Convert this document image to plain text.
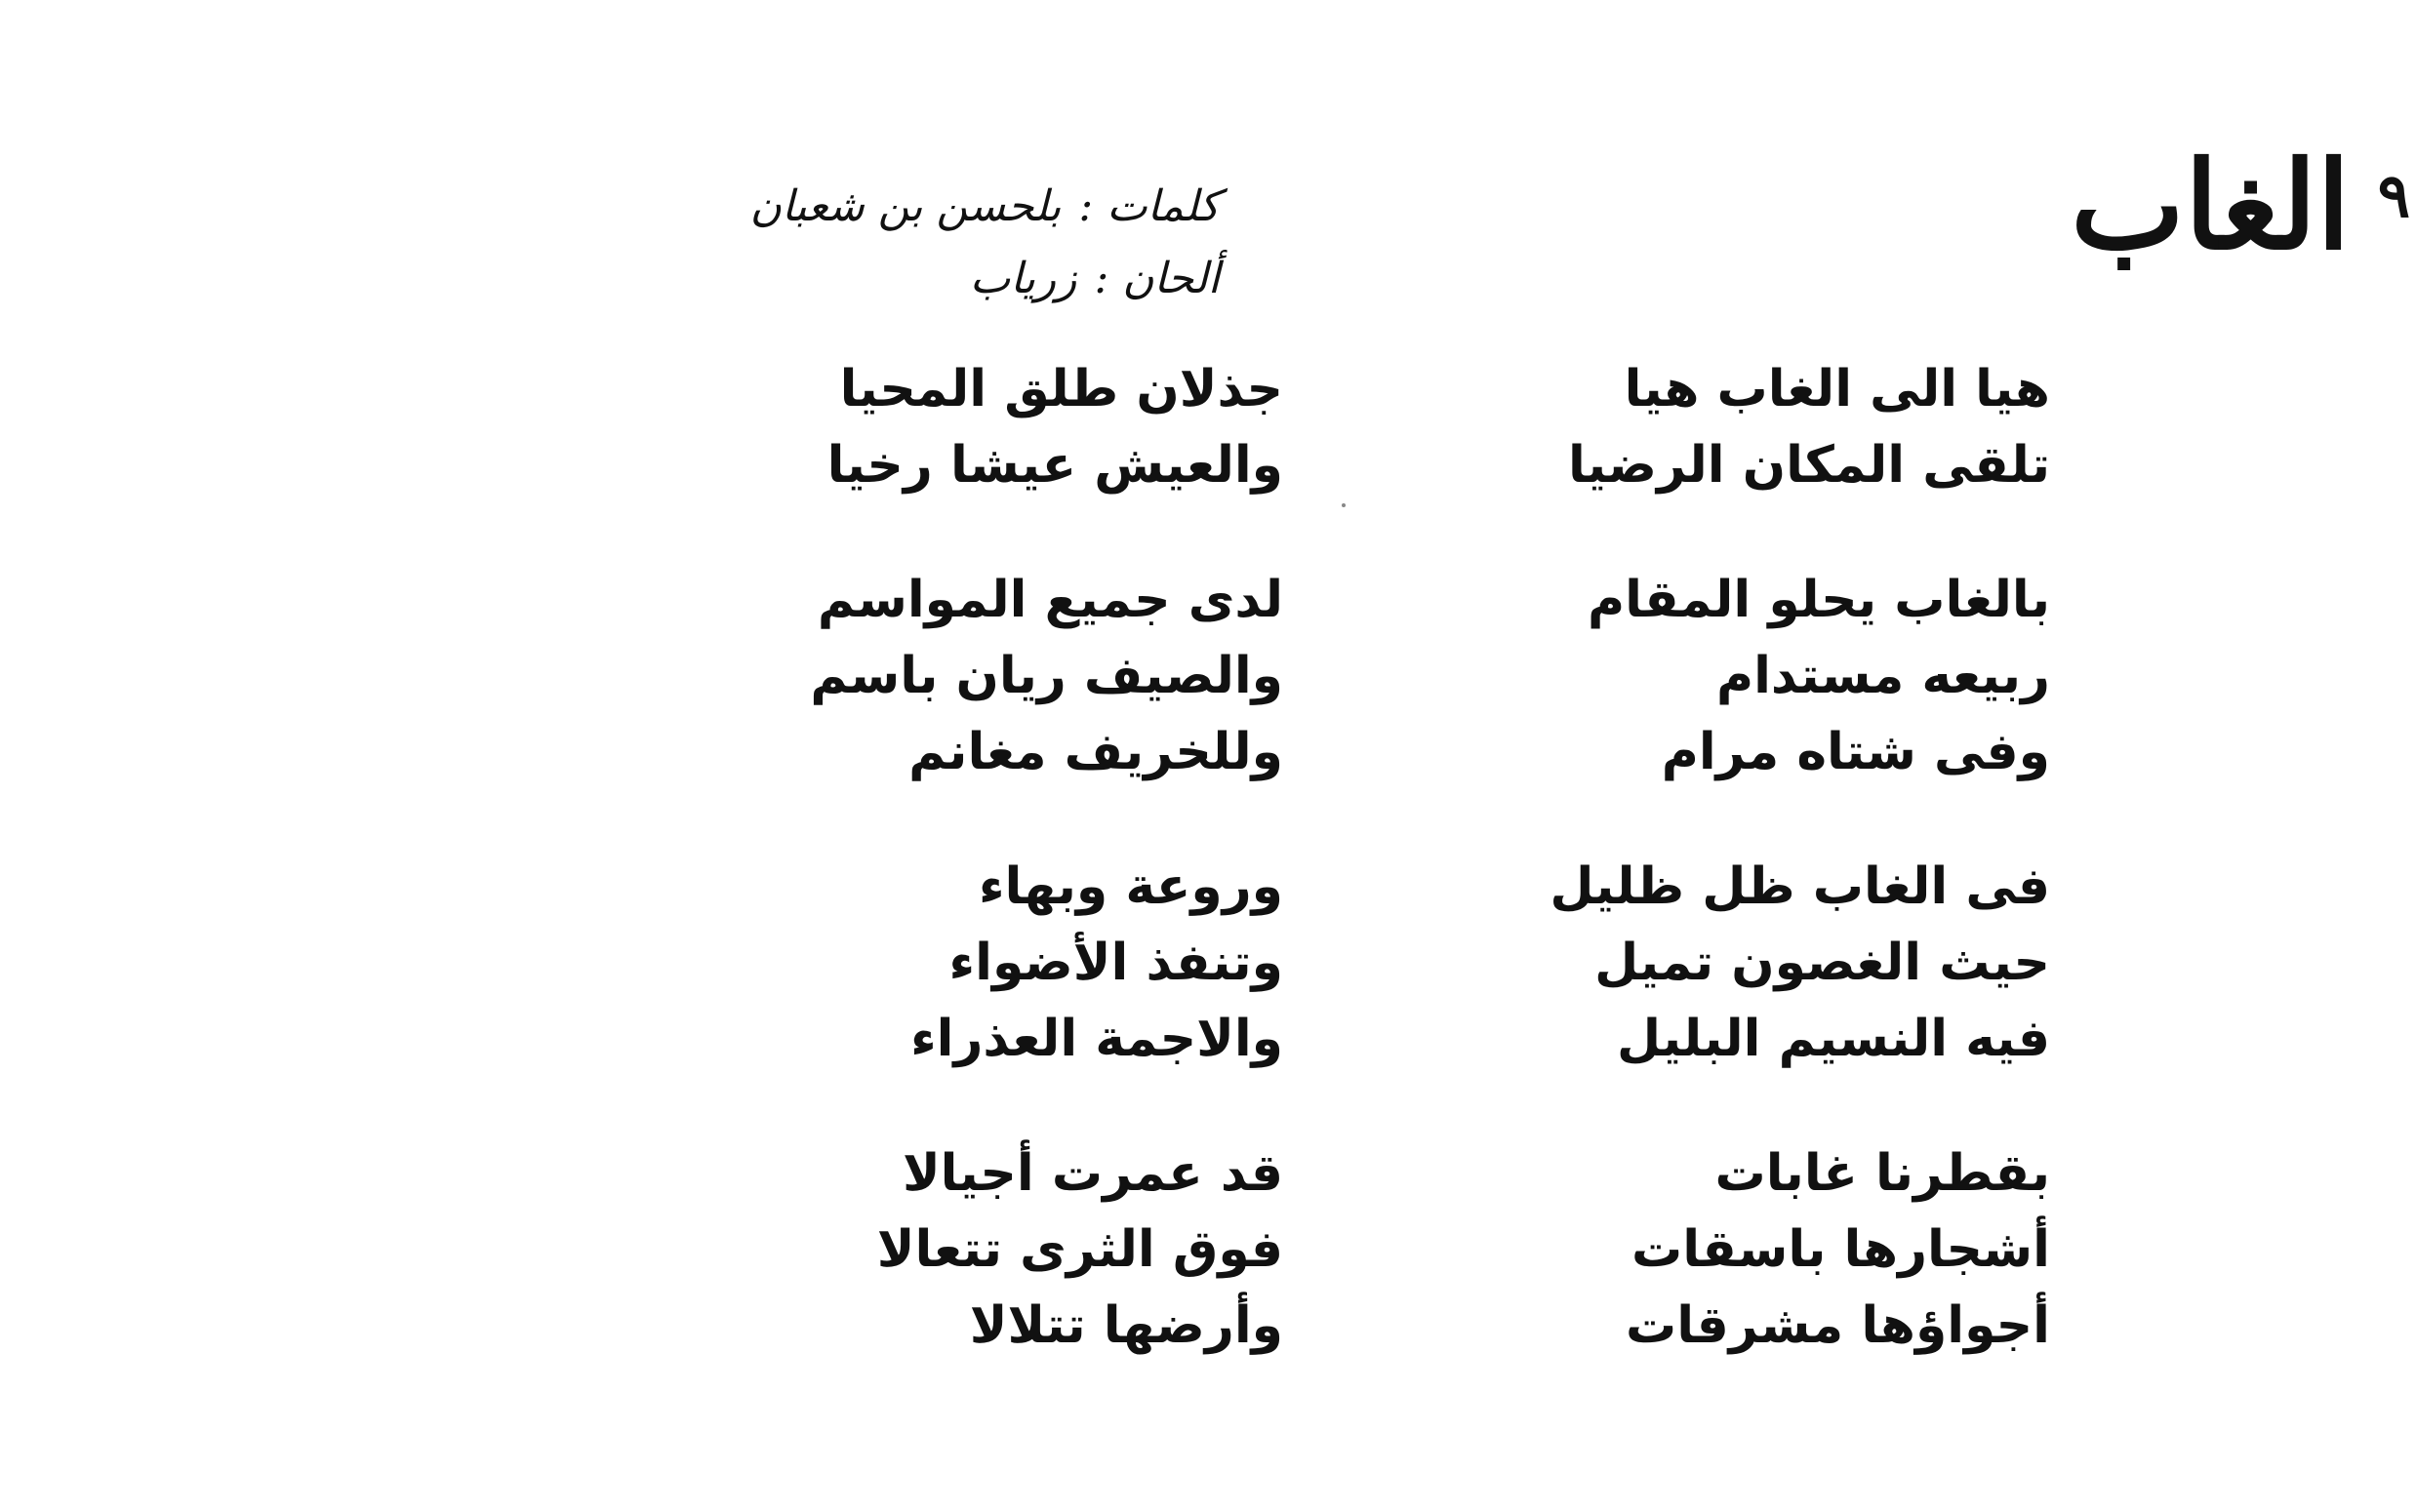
٩
الغاب
كلمات :
بلحسن بن شعبان
ألحان :
زرياب
هيا الى الغاب هيا
تلقى المكان الرضيا
بالغاب يحلو المقام
ربيعه مستدام
وفى شتاه مرام
فى الغاب ظل ظليل
حيث الغصون تميل
فيه النسيم البليل
بقطرنا غابات
أشجارها باسقات
أجواؤها مشرقات
جذلان طلق المحيا
والعيش عيشا رخيا
لدى جميع المواسم
والصيف ريان باسم
وللخريف مغانم
وروعة وبهاء
وتنفذ الأضواء
والاجمة العذراء
قد عمرت أجيالا
فوق الثرى تتعالا
وأرضها تتلالا
